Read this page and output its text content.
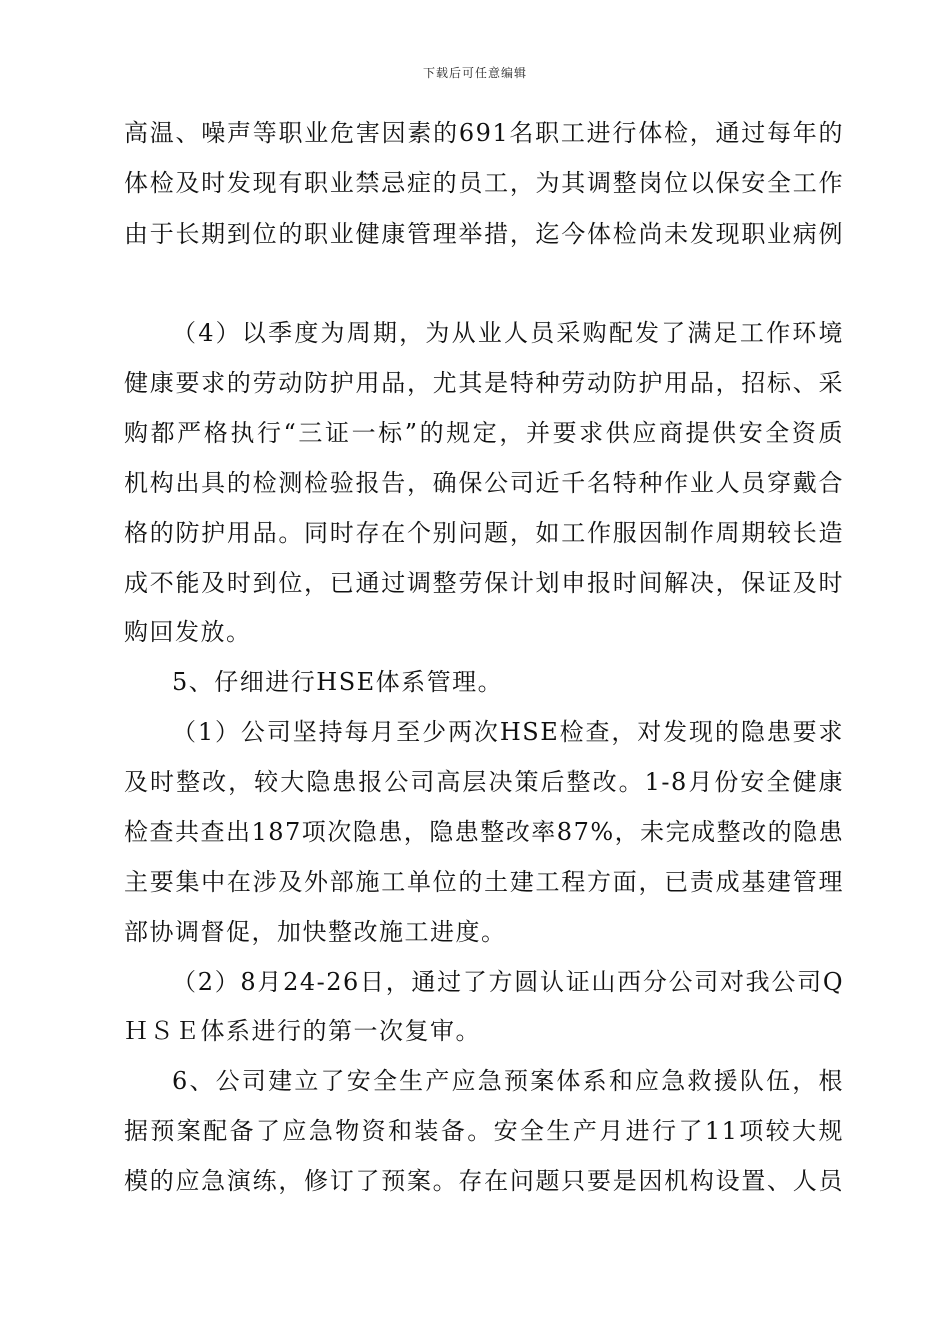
下载后可任意编辑
高温、噪声等职业危害因素的691名职工进行体检，通过每年的
体检及时发现有职业禁忌症的员工，为其调整岗位以保安全工作
由于长期到位的职业健康管理举措，迄今体检尚未发现职业病例
（4）以季度为周期，为从业人员采购配发了满足工作环境
健康要求的劳动防护用品，尤其是特种劳动防护用品，招标、采
购都严格执行“三证一标”的规定，并要求供应商提供安全资质
机构出具的检测检验报告，确保公司近千名特种作业人员穿戴合
格的防护用品。同时存在个别问题，如工作服因制作周期较长造
成不能及时到位，已通过调整劳保计划申报时间解决，保证及时
购回发放。
5、仔细进行HSE体系管理。
（1）公司坚持每月至少两次HSE检查，对发现的隐患要求
及时整改，较大隐患报公司高层决策后整改。1-8月份安全健康
检查共查出187项次隐患，隐患整改率87%，未完成整改的隐患
主要集中在涉及外部施工单位的土建工程方面，已责成基建管理
部协调督促，加快整改施工进度。
（2）8月24-26日，通过了方圆认证山西分公司对我公司Q
ＨＳＥ体系进行的第一次复审。
6、公司建立了安全生产应急预案体系和应急救援队伍，根
据预案配备了应急物资和装备。安全生产月进行了11项较大规
模的应急演练，修订了预案。存在问题只要是因机构设置、人员
